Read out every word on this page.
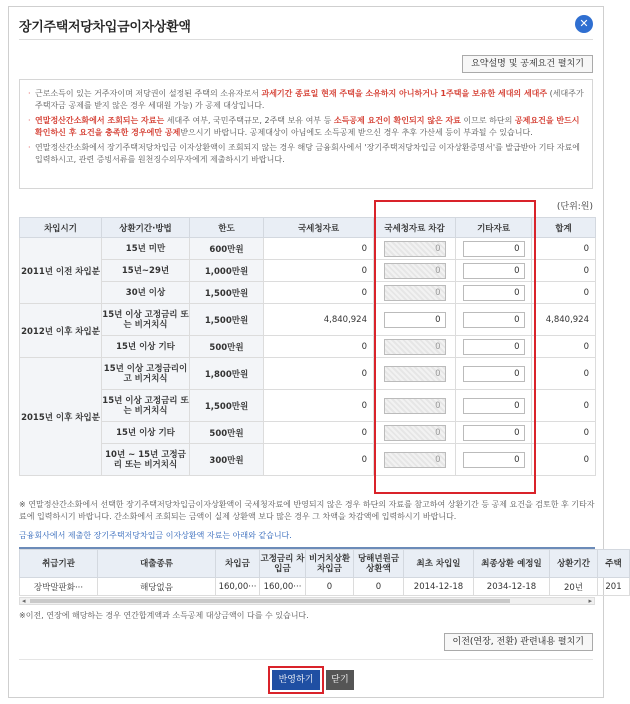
장기주택저당차입금이자상환액	✕
요약설명 및 공제요건 펼치기

· 근로소득이 있는 거주자이며 저당권이 설정된 주택의 소유자로서 과세기간 종료일 현재 주택을 소유하지 아니하거나 1주택을 보유한 세대의 세대주 (세대주가 주택자금 공제를 받지 않은 경우 세대원 가능) 가 공제 대상입니다.

· 연말정산간소화에서 조회되는 자료는 세대주 여부, 국민주택규모, 2주택 보유 여부 등 소득공제 요건이 확인되지 않은 자료 이므로 하단의 공제요건을 반드시 확인하신 후 요건을 충족한 경우에만 공제받으시기 바랍니다. 공제대상이 아님에도 소득공제 받으신 경우 추후 가산세 등이 부과될 수 있습니다.

· 연말정산간소화에서 장기주택저당차입금 이자상환액이 조회되지 않는 경우 해당 금융회사에서 '장기주택저당차입금 이자상환증명서'를 발급받아 기타 자료에 입력하시고, 관련 증빙서류를 원천징수의무자에게 제출하시기 바랍니다.

(단위:원)
차입시기	상환기간·방법	한도	국세청자료	국세청자료 차감	기타자료	합계
2011년 이전 차입분	15년 미만	600만원	0	0	0	0
	15년~29년	1,000만원	0	0	0	0
	30년 이상	1,500만원	0	0	0	0
2012년 이후 차입분	15년 이상 고정금리 또는 비거치식	1,500만원	4,840,924	0	0	4,840,924
	15년 이상 기타	500만원	0	0	0	0
2015년 이후 차입분	15년 이상 고정금리이고 비거치식	1,800만원	0	0	0	0
	15년 이상 고정금리 또는 비거치식	1,500만원	0	0	0	0
	15년 이상 기타	500만원	0	0	0	0
	10년 ~ 15년 고정금리 또는 비거치식	300만원	0	0	0	0
※ 연말정산간소화에서 선택한 장기주택저당차입금이자상환액이 국세청자료에 반영되지 않은 경우 하단의 자료를 참고하여 상환기간 등 공제 요건을 검토한 후 기타자료에 입력하시기 바랍니다. 간소화에서 조회되는 금액이 실제 상환액 보다 많은 경우 그 차액을 차감액에 입력하시기 바랍니다.
금융회사에서 제출한 장기주택저당차입금 이자상환액 자료는 아래와 같습니다.
취급기관	대출종류	차입금	고정금리 차입금	비거치상환 차입금	당해년원금 상환액	최초 차입일	최종상환 예정일	상환기간	주택
장박말판화···	해당없음	160,00···	160,00···	0	0	2014-12-18	2034-12-18	20년	201
◂	▸
※이전, 연장에 해당하는 경우 연간합계액과 소득공제 대상금액이 다를 수 있습니다.
이전(연장, 전환) 관련내용 펼치기
반영하기	닫기
